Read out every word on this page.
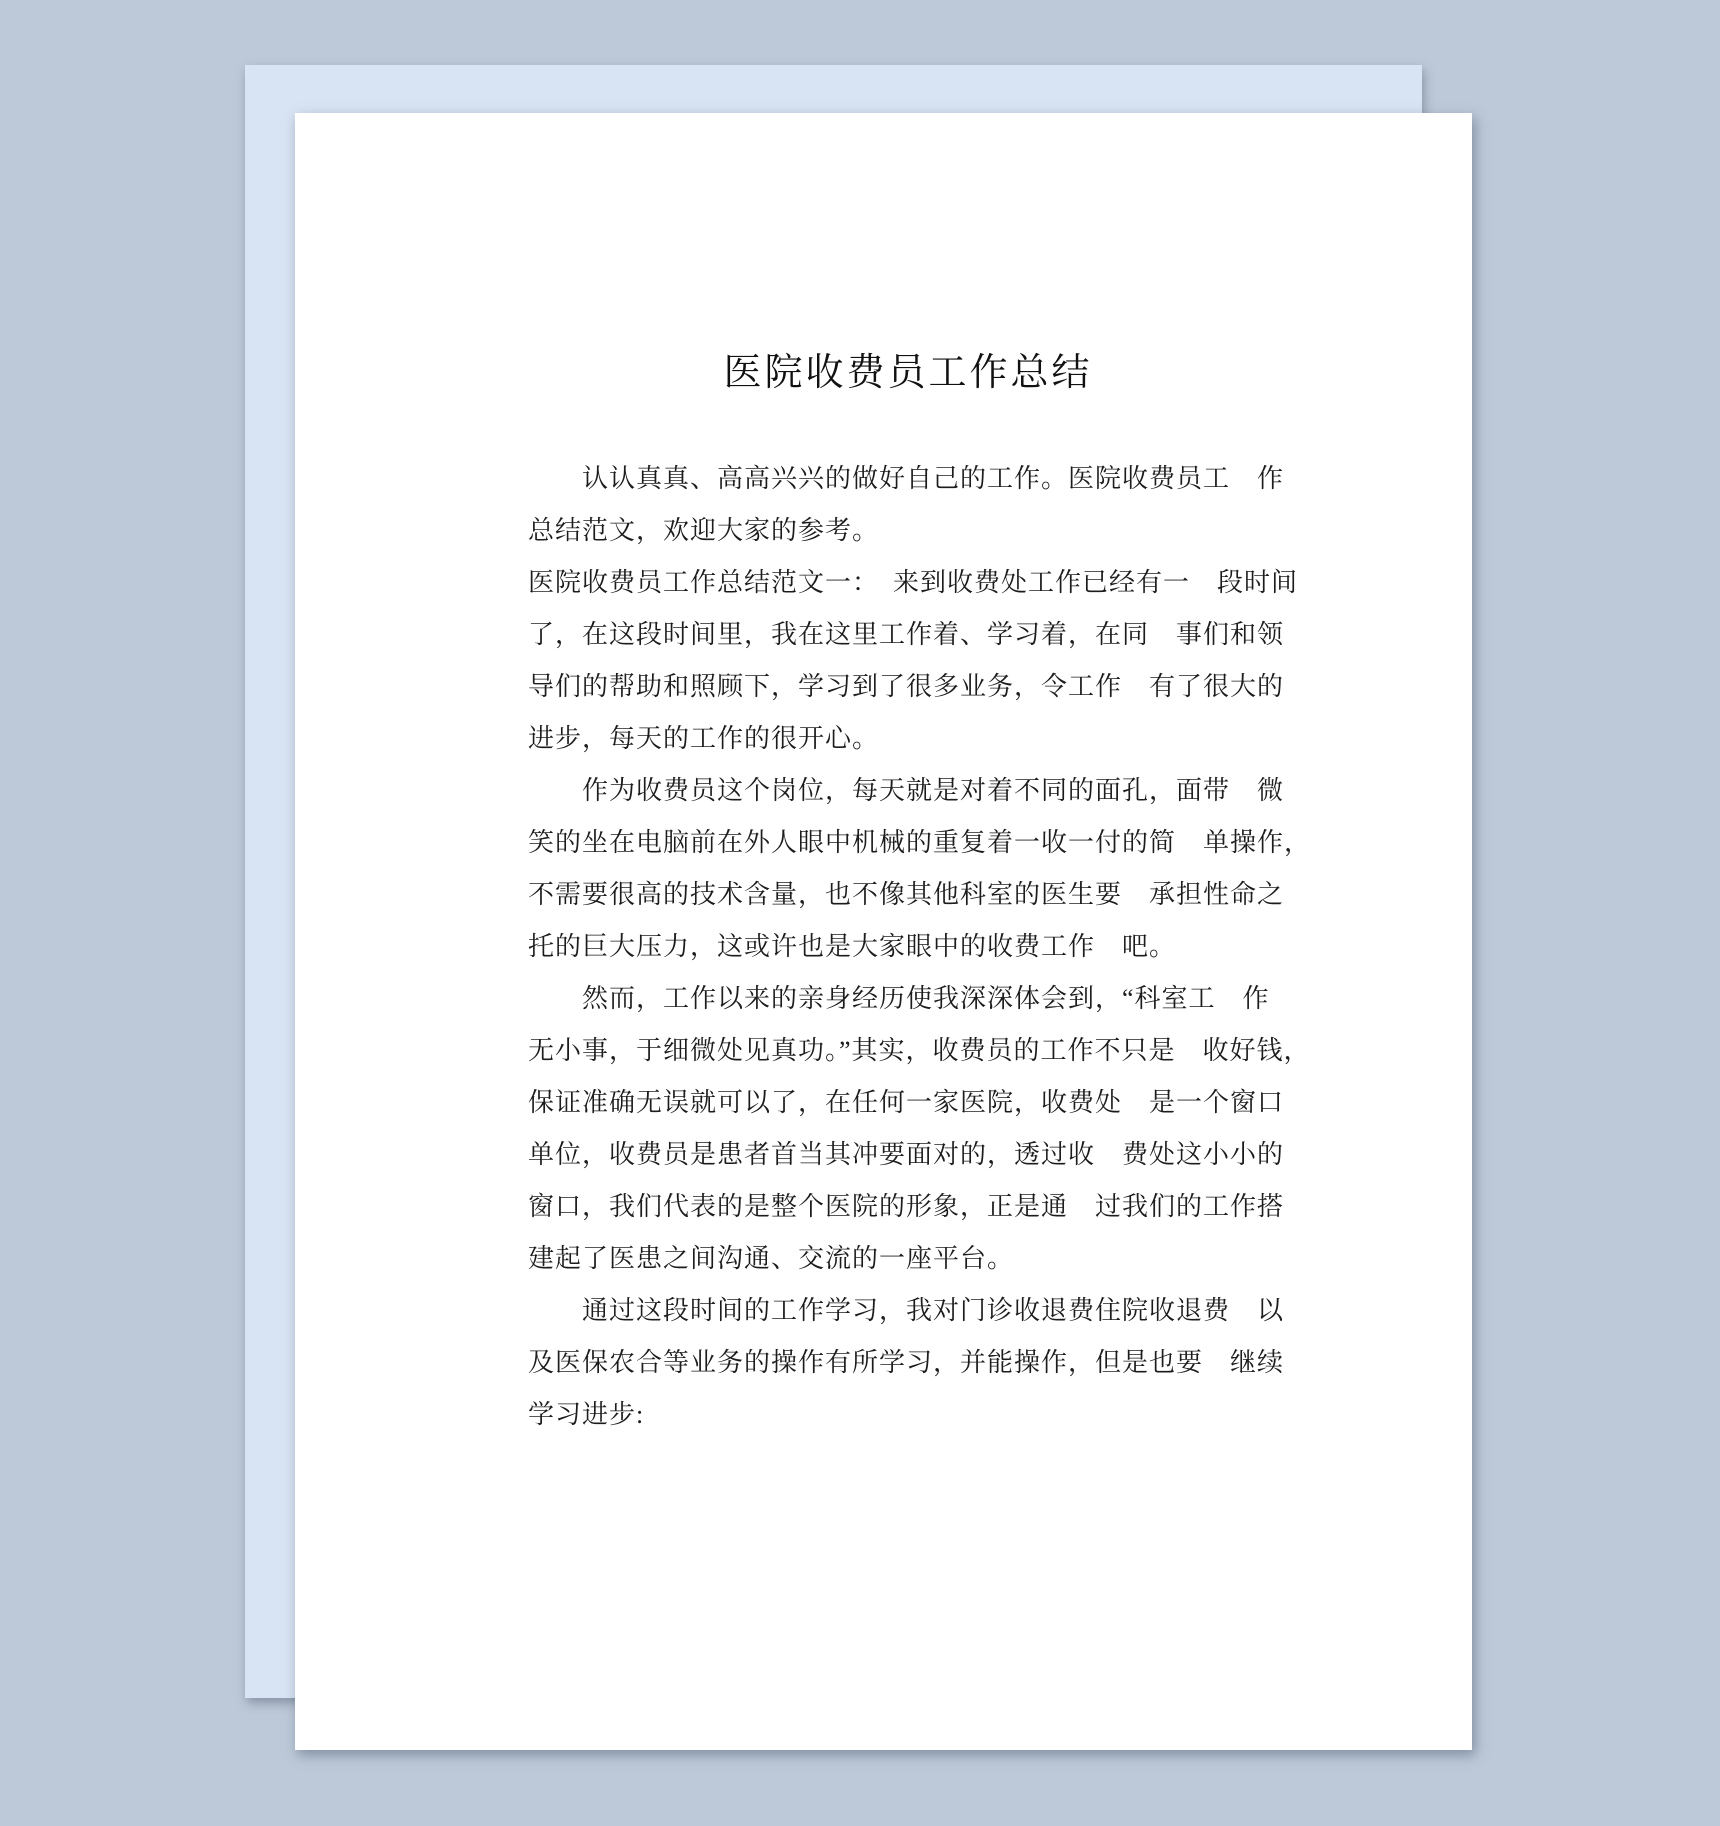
医院收费员工作总结
　　认认真真、高高兴兴的做好自己的工作。医院收费员工　作
总结范文，欢迎大家的参考。
医院收费员工作总结范文一：　来到收费处工作已经有一　段时间
了，在这段时间里，我在这里工作着、学习着，在同　事们和领
导们的帮助和照顾下，学习到了很多业务，令工作　有了很大的
进步，每天的工作的很开心。
　　作为收费员这个岗位，每天就是对着不同的面孔，面带　微
笑的坐在电脑前在外人眼中机械的重复着一收一付的简　单操作，
不需要很高的技术含量，也不像其他科室的医生要　承担性命之
托的巨大压力，这或许也是大家眼中的收费工作　吧。
　　然而，工作以来的亲身经历使我深深体会到，“科室工　作
无小事，于细微处见真功。”其实，收费员的工作不只是　收好钱，
保证准确无误就可以了，在任何一家医院，收费处　是一个窗口
单位，收费员是患者首当其冲要面对的，透过收　费处这小小的
窗口，我们代表的是整个医院的形象，正是通　过我们的工作搭
建起了医患之间沟通、交流的一座平台。
　　通过这段时间的工作学习，我对门诊收退费住院收退费　以
及医保农合等业务的操作有所学习，并能操作，但是也要　继续
学习进步:
